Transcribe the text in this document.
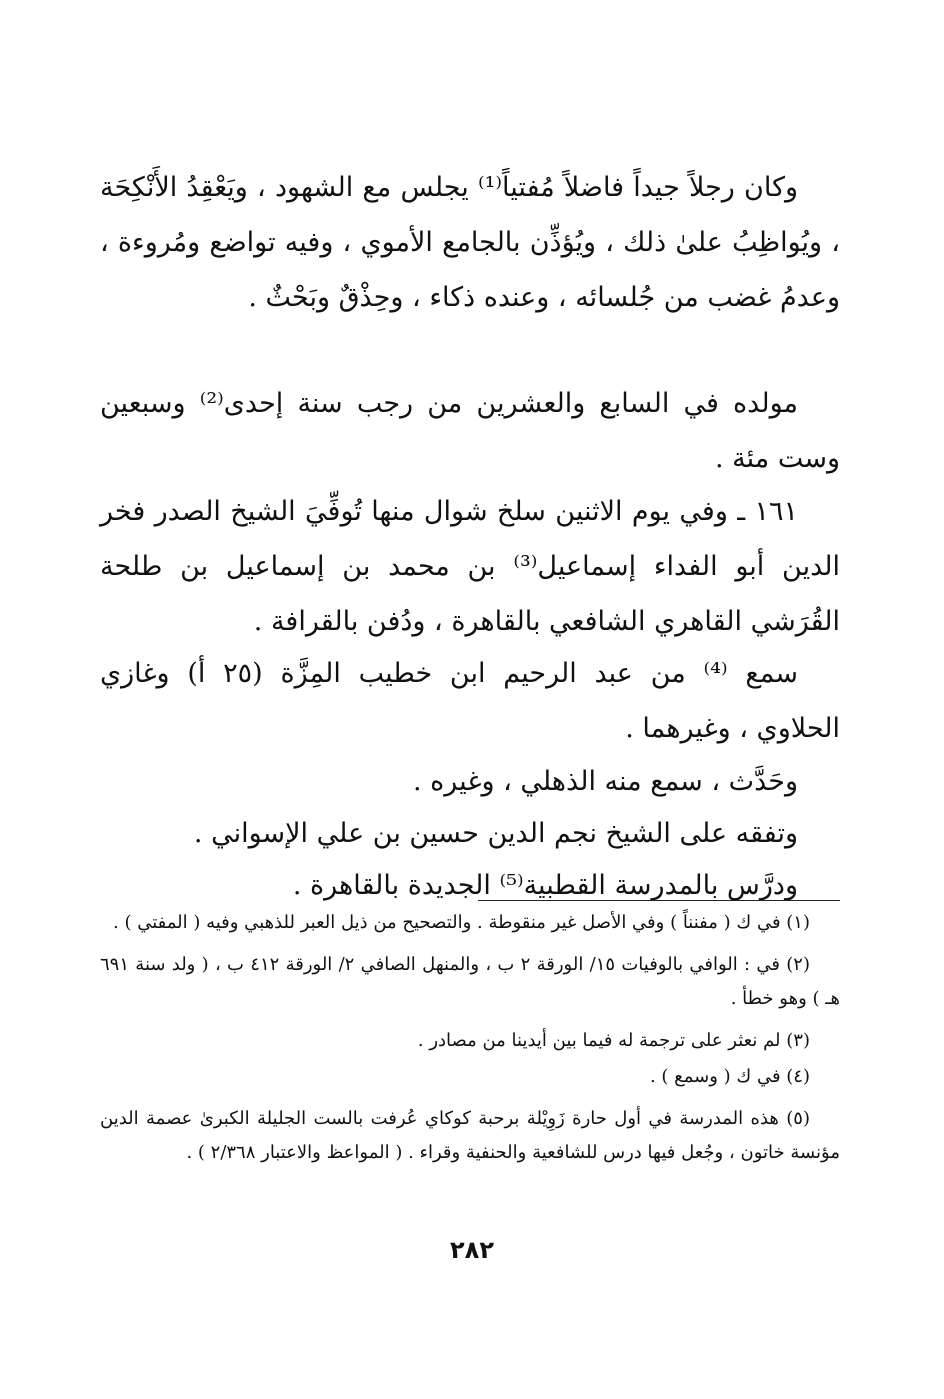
وكان رجلاً جيداً فاضلاً مُفتياً⁽¹⁾ يجلس مع الشهود ، ويَعْقِدُ الأَنْكِحَة ، ويُواظِبُ علىٰ ذلك ، ويُؤذِّن بالجامع الأموي ، وفيه تواضع ومُروءة ، وعدمُ غضب من جُلسائه ، وعنده ذكاء ، وحِذْقٌ وبَحْثٌ .

مولده في السابع والعشرين من رجب سنة إحدى⁽²⁾ وسبعين وست مئة .

١٦١ ـ وفي يوم الاثنين سلخ شوال منها تُوفِّيَ الشيخ الصدر فخر الدين أبو الفداء إسماعيل⁽³⁾ بن محمد بن إسماعيل بن طلحة القُرَشي القاهري الشافعي بالقاهرة ، ودُفن بالقرافة .

سمع ⁽⁴⁾ من عبد الرحيم ابن خطيب المِزَّة (٢٥ أ) وغازي الحلاوي ، وغيرهما .

وحَدَّث ، سمع منه الذهلي ، وغيره .

وتفقه على الشيخ نجم الدين حسين بن علي الإسواني .

ودرَّس بالمدرسة القطبية⁽⁵⁾ الجديدة بالقاهرة .

(١) في ك ( مفنناً ) وفي الأصل غير منقوطة . والتصحيح من ذيل العبر للذهبي وفيه ( المفتي ) .

(٢) في : الوافي بالوفيات ١٥/ الورقة ٢ ب ، والمنهل الصافي ٢/ الورقة ٤١٢ ب ، ( ولد سنة ٦٩١ هـ ) وهو خطأ .

(٣) لم نعثر على ترجمة له فيما بين أيدينا من مصادر .

(٤) في ك ( وسمع ) .

(٥) هذه المدرسة في أول حارة زَوِيْلة برحبة كوكاي عُرفت بالست الجليلة الكبرىٰ عصمة الدين مؤنسة خاتون ، وجُعل فيها درس للشافعية والحنفية وقراء . ( المواعظ والاعتبار ٢/٣٦٨ ) .

٢٨٢
